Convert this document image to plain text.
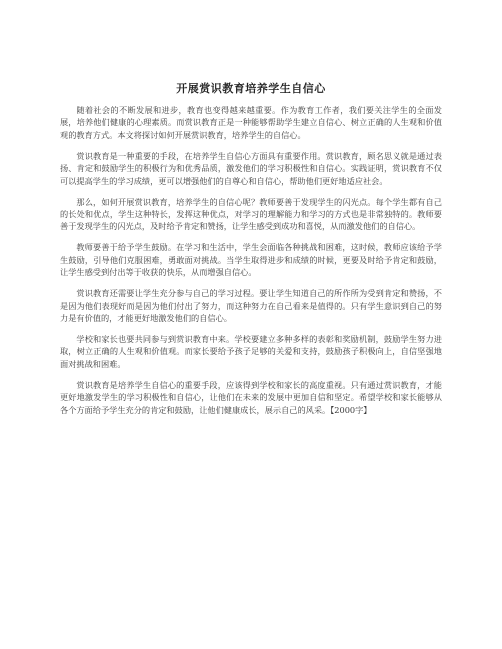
开展赏识教育培养学生自信心

随着社会的不断发展和进步，教育也变得越来越重要。作为教育工作者，我们要关注学生的全面发展，培养他们健康的心理素质。而赏识教育正是一种能够帮助学生建立自信心、树立正确的人生观和价值观的教育方式。本文将探讨如何开展赏识教育，培养学生的自信心。

赏识教育是一种重要的手段，在培养学生自信心方面具有重要作用。赏识教育，顾名思义就是通过表扬、肯定和鼓励学生的积极行为和优秀品质，激发他们的学习积极性和自信心。实践证明，赏识教育不仅可以提高学生的学习成绩，更可以增强他们的自尊心和自信心，帮助他们更好地适应社会。

那么，如何开展赏识教育，培养学生的自信心呢？教师要善于发现学生的闪光点。每个学生都有自己的长处和优点，学生这种特长，发挥这种优点，对学习的理解能力和学习的方式也是非常独特的。教师要善于发现学生的闪光点，及时给予肯定和赞扬，让学生感受到成功和喜悦，从而激发他们的自信心。

教师要善于给予学生鼓励。在学习和生活中，学生会面临各种挑战和困难，这时候，教师应该给予学生鼓励，引导他们克服困难，勇敢面对挑战。当学生取得进步和成绩的时候，更要及时给予肯定和鼓励，让学生感受到付出等于收获的快乐，从而增强自信心。

赏识教育还需要让学生充分参与自己的学习过程。要让学生知道自己的所作所为受到肯定和赞扬，不是因为他们表现好而是因为他们付出了努力，而这种努力在自己看来是值得的。只有学生意识到自己的努力是有价值的，才能更好地激发他们的自信心。

学校和家长也要共同参与到赏识教育中来。学校要建立多种多样的表彰和奖励机制，鼓励学生努力进取，树立正确的人生观和价值观。而家长要给予孩子足够的关爱和支持，鼓励孩子积极向上，自信坚强地面对挑战和困难。

赏识教育是培养学生自信心的重要手段，应该得到学校和家长的高度重视。只有通过赏识教育，才能更好地激发学生的学习积极性和自信心，让他们在未来的发展中更加自信和坚定。希望学校和家长能够从各个方面给予学生充分的肯定和鼓励，让他们健康成长，展示自己的风采。【2000字】
